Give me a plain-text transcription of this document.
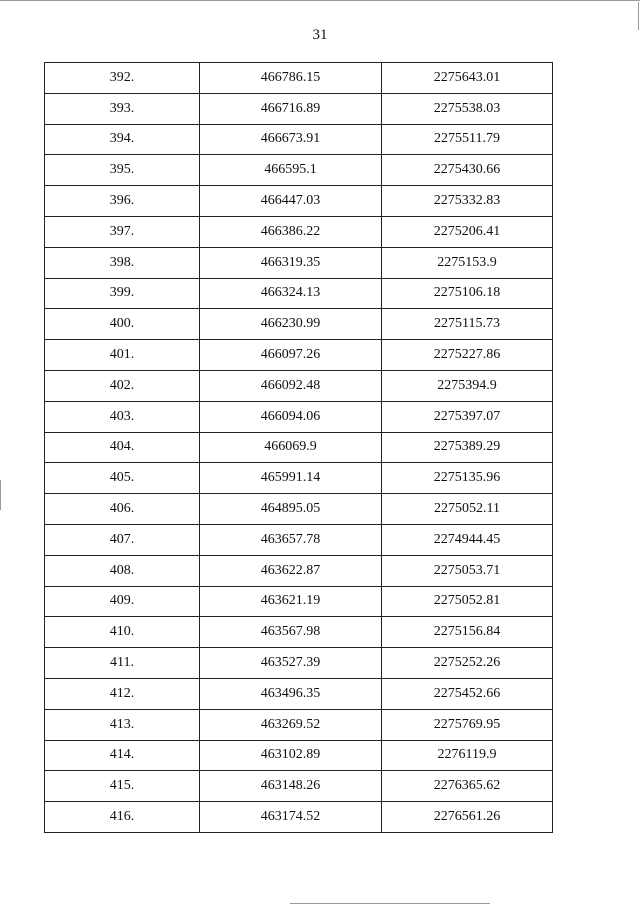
31
392.	466786.15	2275643.01
393.	466716.89	2275538.03
394.	466673.91	2275511.79
395.	466595.1	2275430.66
396.	466447.03	2275332.83
397.	466386.22	2275206.41
398.	466319.35	2275153.9
399.	466324.13	2275106.18
400.	466230.99	2275115.73
401.	466097.26	2275227.86
402.	466092.48	2275394.9
403.	466094.06	2275397.07
404.	466069.9	2275389.29
405.	465991.14	2275135.96
406.	464895.05	2275052.11
407.	463657.78	2274944.45
408.	463622.87	2275053.71
409.	463621.19	2275052.81
410.	463567.98	2275156.84
411.	463527.39	2275252.26
412.	463496.35	2275452.66
413.	463269.52	2275769.95
414.	463102.89	2276119.9
415.	463148.26	2276365.62
416.	463174.52	2276561.26
